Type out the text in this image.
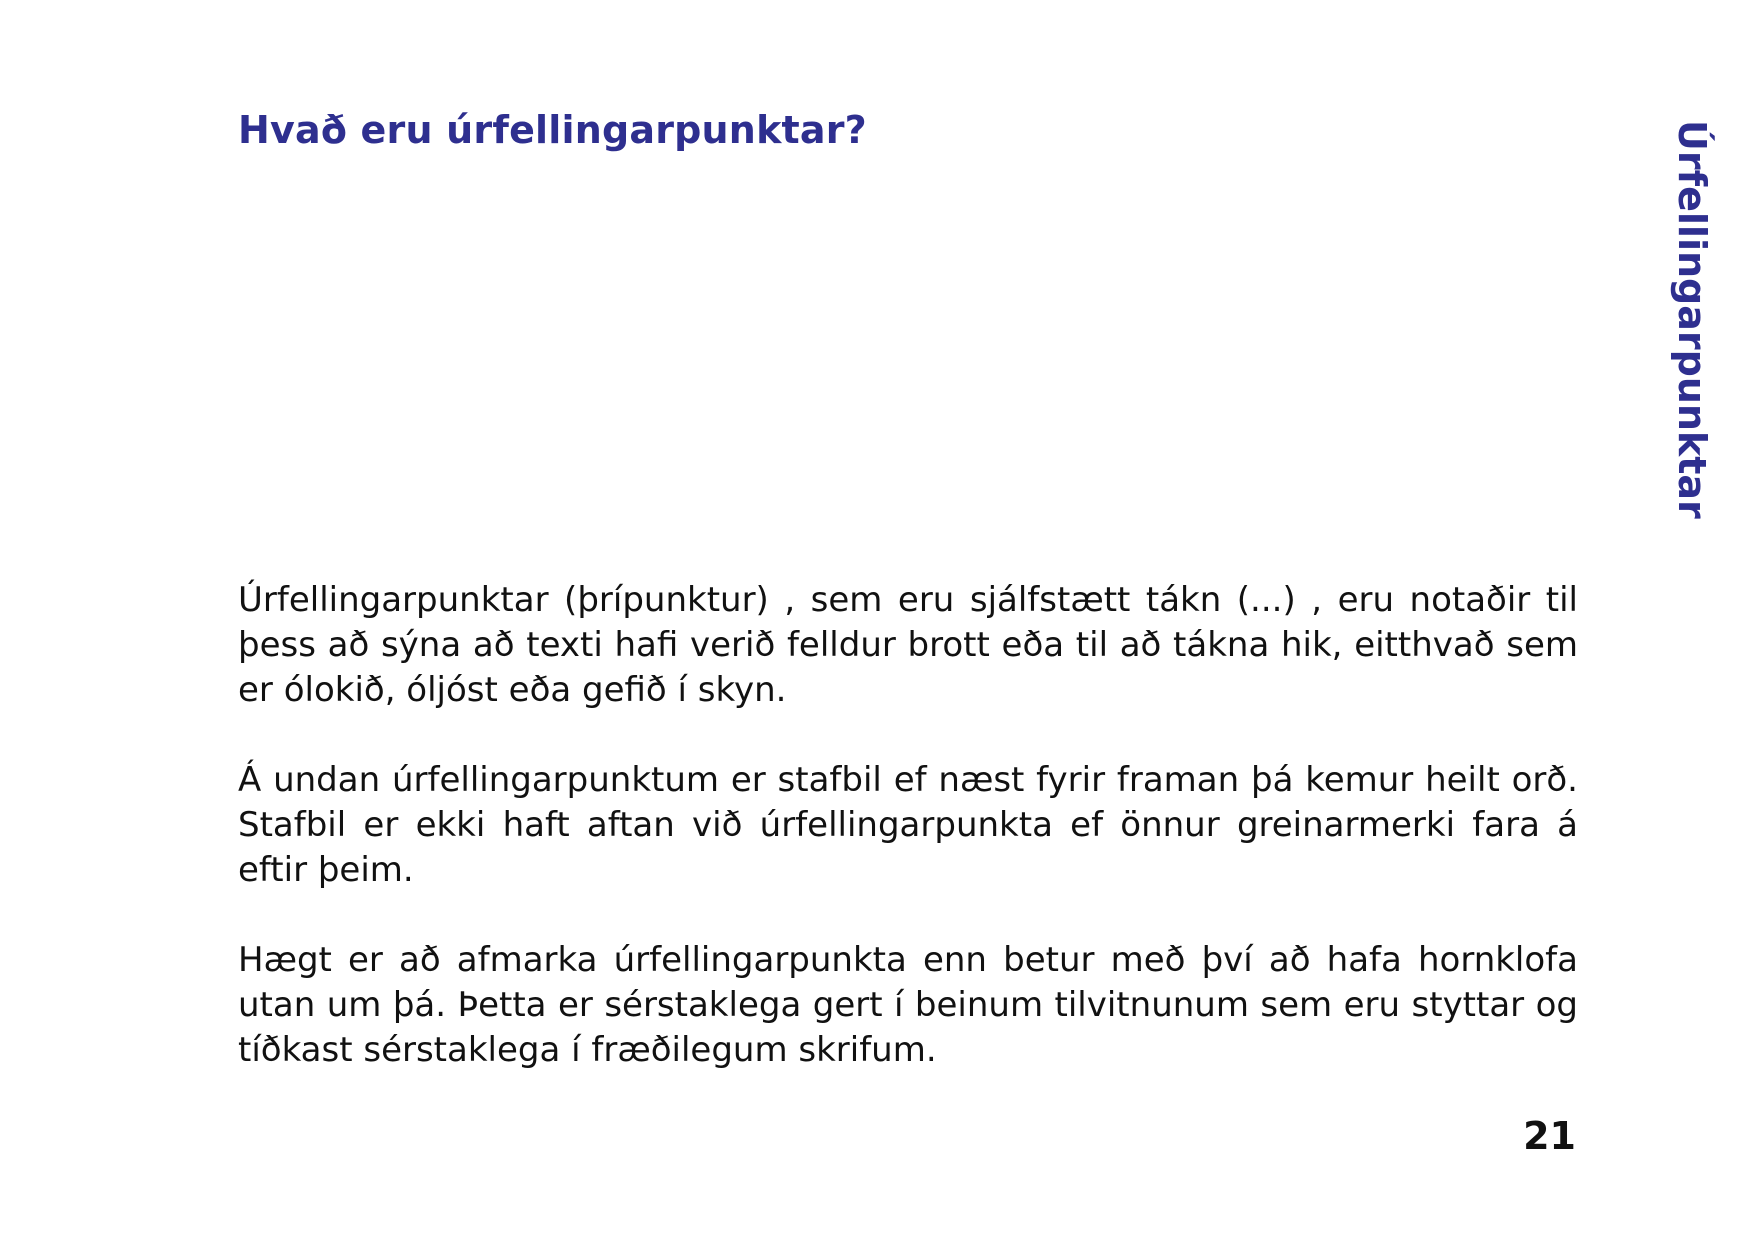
Hvað eru úrfellingarpunktar?	Úrfellingarpunktar

Úrfellingarpunktar (þrípunktur) , sem eru sjálfstætt tákn (...) , eru notaðir til þess að sýna að texti hafi verið felldur brott eða til að tákna hik, eitthvað sem er ólokið, óljóst eða gefið í skyn.

Á undan úrfellingarpunktum er stafbil ef næst fyrir framan þá kemur heilt orð. Stafbil er ekki haft aftan við úrfellingarpunkta ef önnur greinarmerki fara á eftir þeim.

Hægt er að afmarka úrfellingarpunkta enn betur með því að hafa hornklofa utan um þá. Þetta er sérstaklega gert í beinum tilvitnunum sem eru styttar og tíðkast sérstaklega í fræðilegum skrifum.

21
